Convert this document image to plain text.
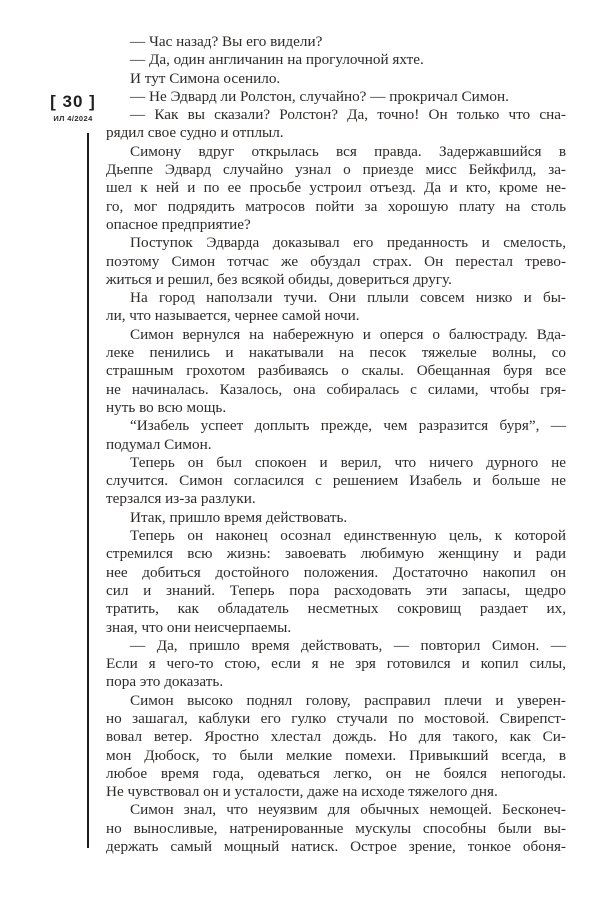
[ 30 ]
ИЛ 4/2024

— Час назад? Вы его видели?

— Да, один англичанин на прогулочной яхте.

И тут Симона осенило.

— Не Эдвард ли Ролстон, случайно? — прокричал Симон.

— Как вы сказали? Ролстон? Да, точно! Он только что сна-
рядил свое судно и отплыл.

Симону вдруг открылась вся правда. Задержавшийся в
Дьеппе Эдвард случайно узнал о приезде мисс Бейкфилд, за-
шел к ней и по ее просьбе устроил отъезд. Да и кто, кроме не-
го, мог подрядить матросов пойти за хорошую плату на столь
опасное предприятие?

Поступок Эдварда доказывал его преданность и смелость,
поэтому Симон тотчас же обуздал страх. Он перестал трево-
житься и решил, без всякой обиды, довериться другу.

На город наползали тучи. Они плыли совсем низко и бы-
ли, что называется, чернее самой ночи.

Симон вернулся на набережную и оперся о балюстраду. Вда-
леке пенились и накатывали на песок тяжелые волны, со
страшным грохотом разбиваясь о скалы. Обещанная буря все
не начиналась. Казалось, она собиралась с силами, чтобы гря-
нуть во всю мощь.

“Изабель успеет доплыть прежде, чем разразится буря”, —
подумал Симон.

Теперь он был спокоен и верил, что ничего дурного не
случится. Симон согласился с решением Изабель и больше не
терзался из-за разлуки.

Итак, пришло время действовать.

Теперь он наконец осознал единственную цель, к которой
стремился всю жизнь: завоевать любимую женщину и ради
нее добиться достойного положения. Достаточно накопил он
сил и знаний. Теперь пора расходовать эти запасы, щедро
тратить, как обладатель несметных сокровищ раздает их,
зная, что они неисчерпаемы.

— Да, пришло время действовать, — повторил Симон. —
Если я чего-то стою, если я не зря готовился и копил силы,
пора это доказать.

Симон высоко поднял голову, расправил плечи и уверен-
но зашагал, каблуки его гулко стучали по мостовой. Свирепст-
вовал ветер. Яростно хлестал дождь. Но для такого, как Си-
мон Дюбоск, то были мелкие помехи. Привыкший всегда, в
любое время года, одеваться легко, он не боялся непогоды.
Не чувствовал он и усталости, даже на исходе тяжелого дня.

Симон знал, что неуязвим для обычных немощей. Бесконеч-
но выносливые, натренированные мускулы способны были вы-
держать самый мощный натиск. Острое зрение, тонкое обоня-
